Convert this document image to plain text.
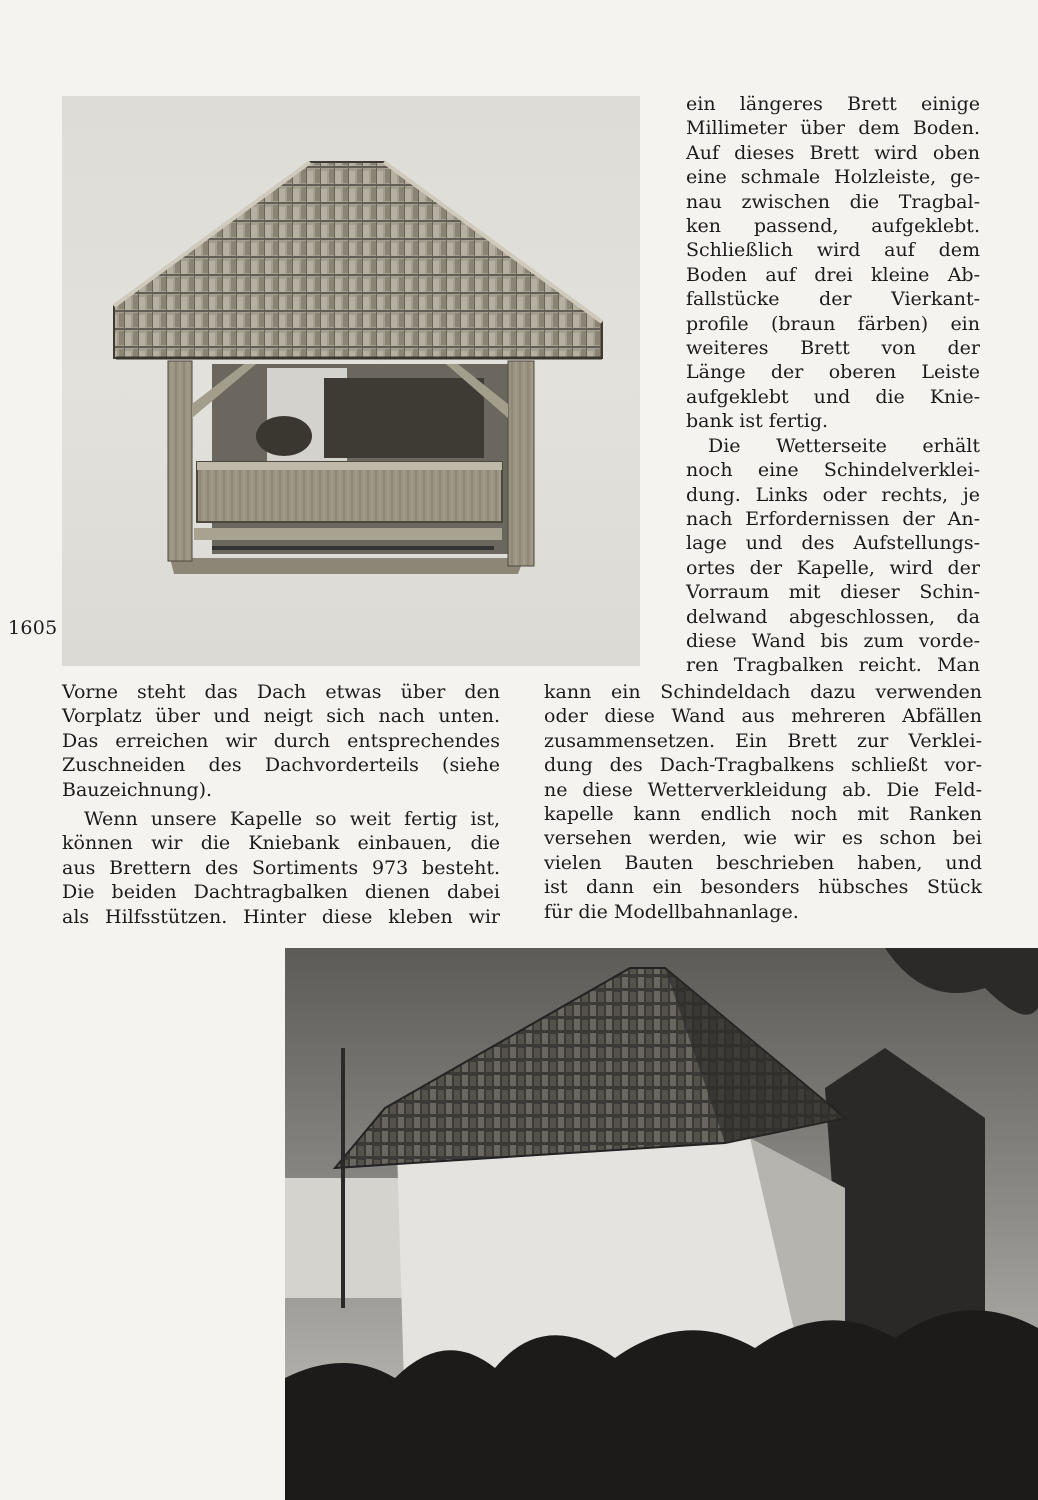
1605

ein längeres Brett einige

Millimeter über dem Boden.

Auf dieses Brett wird oben

eine schmale Holzleiste, ge-

nau zwischen die Tragbal-

ken passend, aufgeklebt.

Schließlich wird auf dem

Boden auf drei kleine Ab-

fallstücke der Vierkant-

profile (braun färben) ein

weiteres Brett von der

Länge der oberen Leiste

aufgeklebt und die Knie-

bank ist fertig.

Die Wetterseite erhält

noch eine Schindelverklei-

dung. Links oder rechts, je

nach Erfordernissen der An-

lage und des Aufstellungs-

ortes der Kapelle, wird der

Vorraum mit dieser Schin-

delwand abgeschlossen, da

diese Wand bis zum vorde-

ren Tragbalken reicht. Man

Vorne steht das Dach etwas über den

Vorplatz über und neigt sich nach unten.

Das erreichen wir durch entsprechendes

Zuschneiden des Dachvorderteils (siehe

Bauzeichnung).

Wenn unsere Kapelle so weit fertig ist,

können wir die Kniebank einbauen, die

aus Brettern des Sortiments 973 besteht.

Die beiden Dachtragbalken dienen dabei

als Hilfsstützen. Hinter diese kleben wir

kann ein Schindeldach dazu verwenden

oder diese Wand aus mehreren Abfällen

zusammensetzen. Ein Brett zur Verklei-

dung des Dach-Tragbalkens schließt vor-

ne diese Wetterverkleidung ab. Die Feld-

kapelle kann endlich noch mit Ranken

versehen werden, wie wir es schon bei

vielen Bauten beschrieben haben, und

ist dann ein besonders hübsches Stück

für die Modellbahnanlage.
